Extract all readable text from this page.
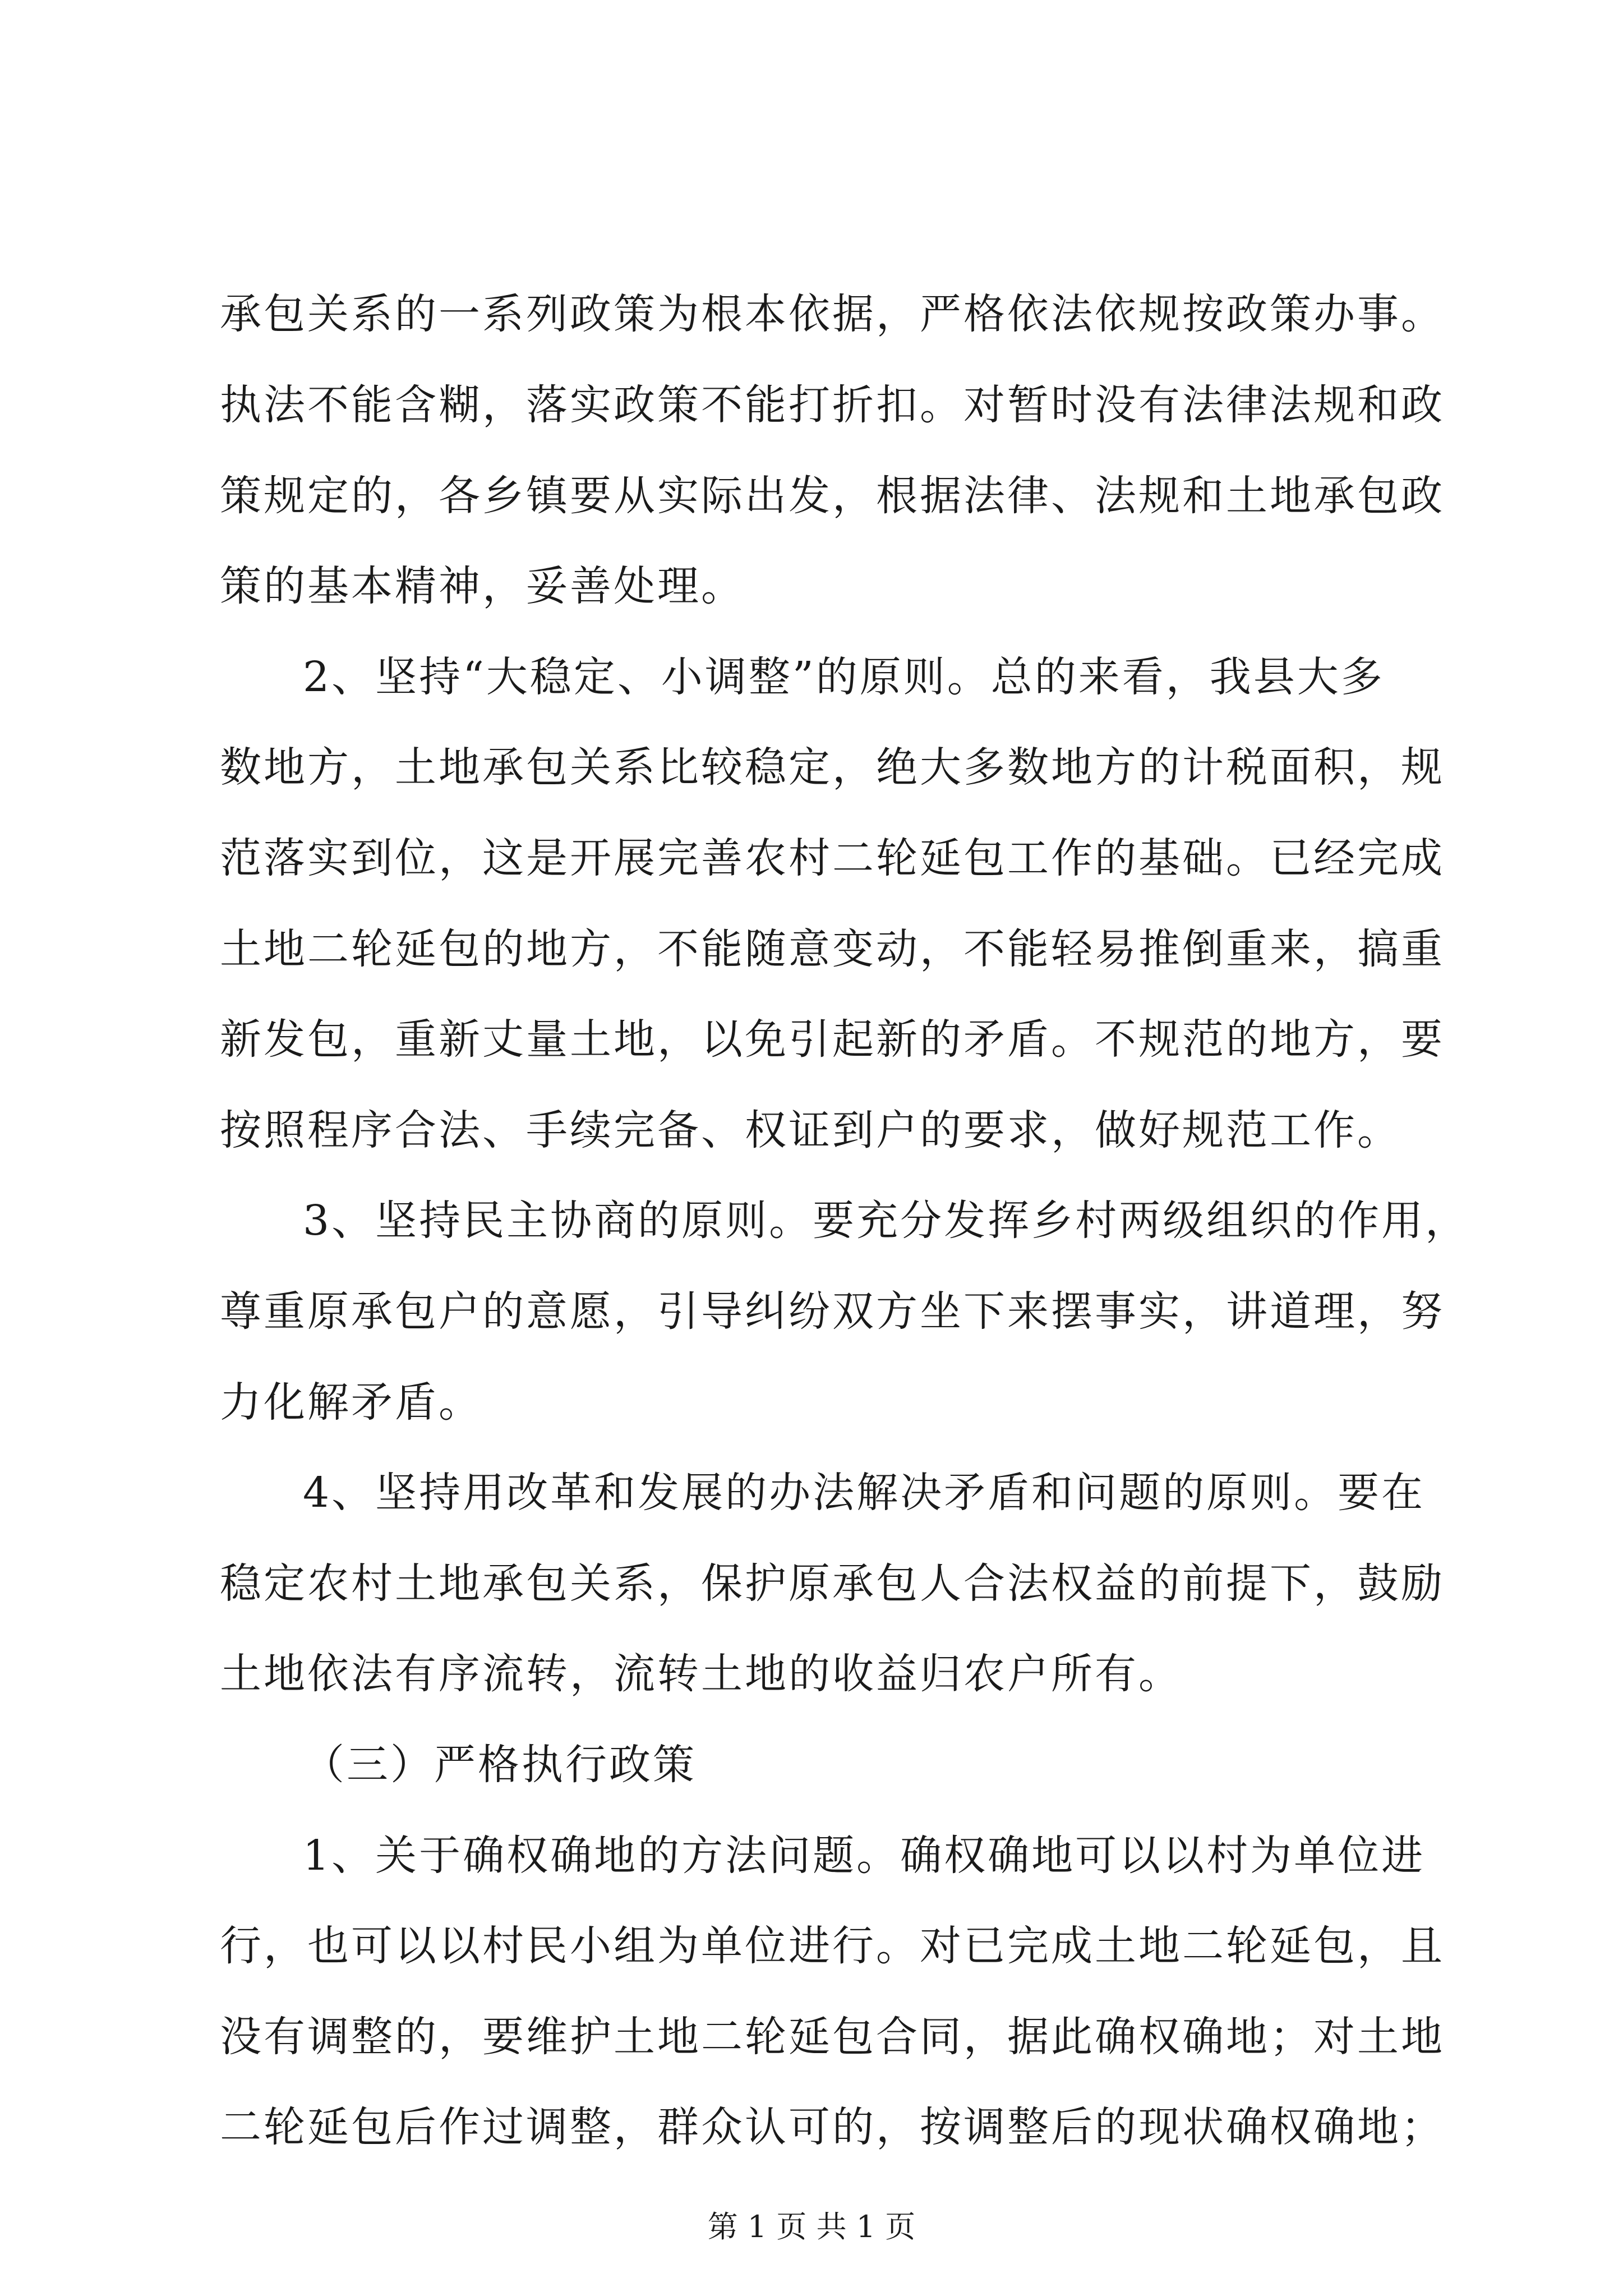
承包关系的一系列政策为根本依据，严格依法依规按政策办事。
执法不能含糊，落实政策不能打折扣。对暂时没有法律法规和政
策规定的，各乡镇要从实际出发，根据法律、法规和土地承包政
策的基本精神，妥善处理。
2、坚持“大稳定、小调整”的原则。总的来看，我县大多
数地方，土地承包关系比较稳定，绝大多数地方的计税面积，规
范落实到位，这是开展完善农村二轮延包工作的基础。已经完成
土地二轮延包的地方，不能随意变动，不能轻易推倒重来，搞重
新发包，重新丈量土地，以免引起新的矛盾。不规范的地方，要
按照程序合法、手续完备、权证到户的要求，做好规范工作。
3、坚持民主协商的原则。要充分发挥乡村两级组织的作用，
尊重原承包户的意愿，引导纠纷双方坐下来摆事实，讲道理，努
力化解矛盾。
4、坚持用改革和发展的办法解决矛盾和问题的原则。要在
稳定农村土地承包关系，保护原承包人合法权益的前提下，鼓励
土地依法有序流转，流转土地的收益归农户所有。
（三）严格执行政策
1、关于确权确地的方法问题。确权确地可以以村为单位进
行，也可以以村民小组为单位进行。对已完成土地二轮延包，且
没有调整的，要维护土地二轮延包合同，据此确权确地；对土地
二轮延包后作过调整，群众认可的，按调整后的现状确权确地；
第 1 页 共 1 页
